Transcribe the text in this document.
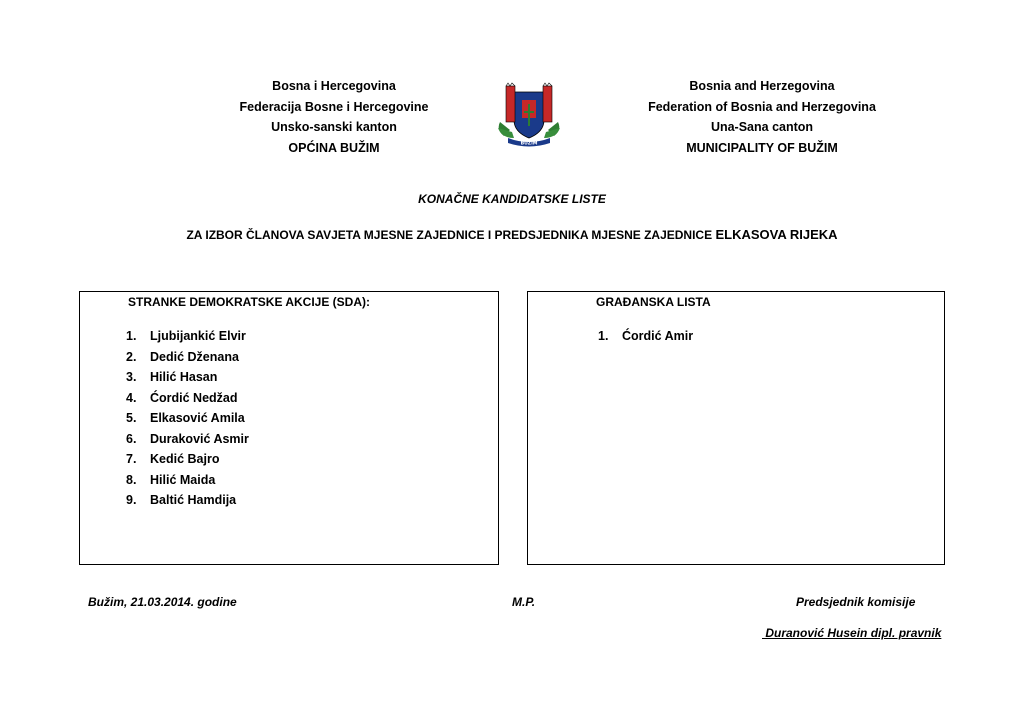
Bosna i Hercegovina
Federacija Bosne i Hercegovine
Unsko-sanski kanton
OPĆINA BUŽIM	BUŽIM
Bosnia and Herzegovina
Federation of Bosnia and Herzegovina
Una-Sana canton
MUNICIPALITY OF BUŽIM
KONAČNE KANDIDATSKE LISTE
ZA IZBOR ČLANOVA SAVJETA MJESNE ZAJEDNICE I PREDSJEDNIKA MJESNE ZAJEDNICE ELKASOVA RIJEKA
STRANKE DEMOKRATSKE AKCIJE (SDA):
1. Ljubijankić Elvir
2. Dedić Dženana
3. Hilić Hasan
4. Ćordić Nedžad
5. Elkasović Amila
6. Duraković Asmir
7. Kedić Bajro
8. Hilić Maida
9. Baltić Hamdija
GRAĐANSKA LISTA
1. Ćordić Amir
Bužim, 21.03.2014. godine	M.P.	Predsjednik komisije
Duranović Husein dipl. pravnik
